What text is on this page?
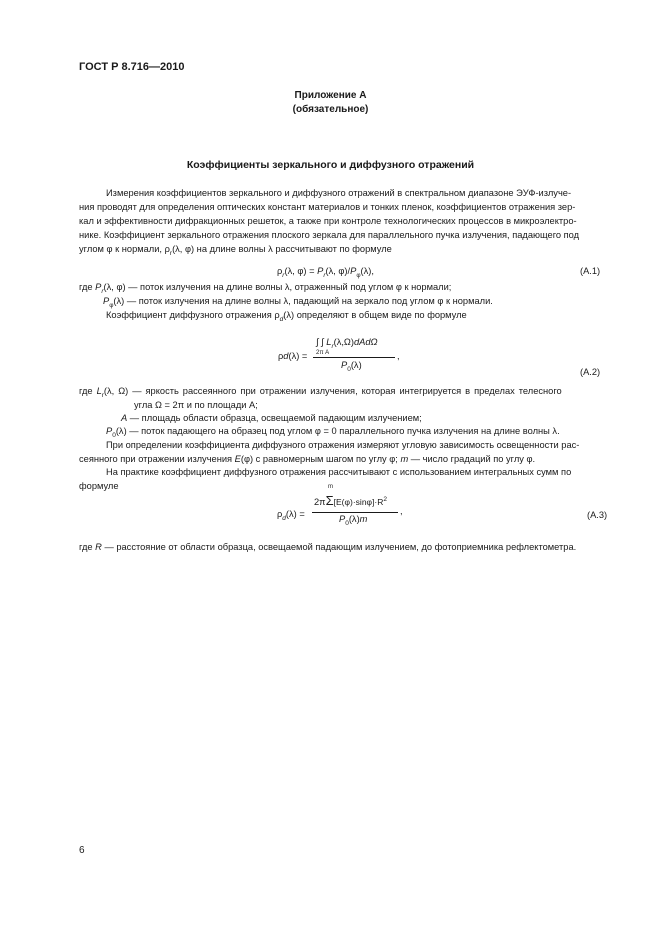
ГОСТ Р 8.716—2010
Приложение А
(обязательное)
Коэффициенты зеркального и диффузного отражений
Измерения коэффициентов зеркального и диффузного отражений в спектральном диапазоне ЭУФ-излуче-
ния проводят для определения оптических констант материалов и тонких пленок, коэффициентов отражения зер-
кал и эффективности дифракционных решеток, а также при контроле технологических процессов в микроэлектро-
нике. Коэффициент зеркального отражения плоского зеркала для параллельного пучка излучения, падающего под
углом φ к нормали, $\rho_r(\lambda$, φ) на длине волны λ рассчитывают по формуле
$\rho_r(\lambda$, $\varphi) = P_r(\lambda$, $\varphi)/P_\varphi(\lambda)$,	(А.1)
где $P_r(\lambda$, φ) — поток излучения на длине волны λ, отраженный под углом φ к нормали;
$P_\varphi(\lambda)$ — поток излучения на длине волны λ, падающий на зеркало под углом φ к нормали.
Коэффициент диффузного отражения $\rho_d(\lambda)$ определяют в общем виде по формуле
∫ ∫ $L_r(\lambda,\Omega)dAd\Omega$
2π A
ρd(λ) =	,
$P_0(\lambda)$
(А.2)
где $L_r(\lambda$, Ω) — яркость рассеянного при отражении излучения, которая интегрируется в пределах телесного
угла Ω = 2π и по площади A;
A — площадь области образца, освещаемой падающим излучением;
$P_0(\lambda)$ — поток падающего на образец под углом φ = 0 параллельного пучка излучения на длине волны λ.
При определении коэффициента диффузного отражения измеряют угловую зависимость освещенности рас-
сеянного при отражении излучения E(φ) с равномерным шагом по углу φ; m — число градаций по углу φ.
На практике коэффициент диффузного отражения рассчитывают с использованием интегральных сумм по
формуле	m
$2\pi\Sigma[E(\varphi)\cdot\sin\varphi]\cdot R^2$
$\rho_d(\lambda)$ =	,
$P_0(\lambda)m$	(А.3)
где R — расстояние от области образца, освещаемой падающим излучением, до фотоприемника рефлектометра.
6
